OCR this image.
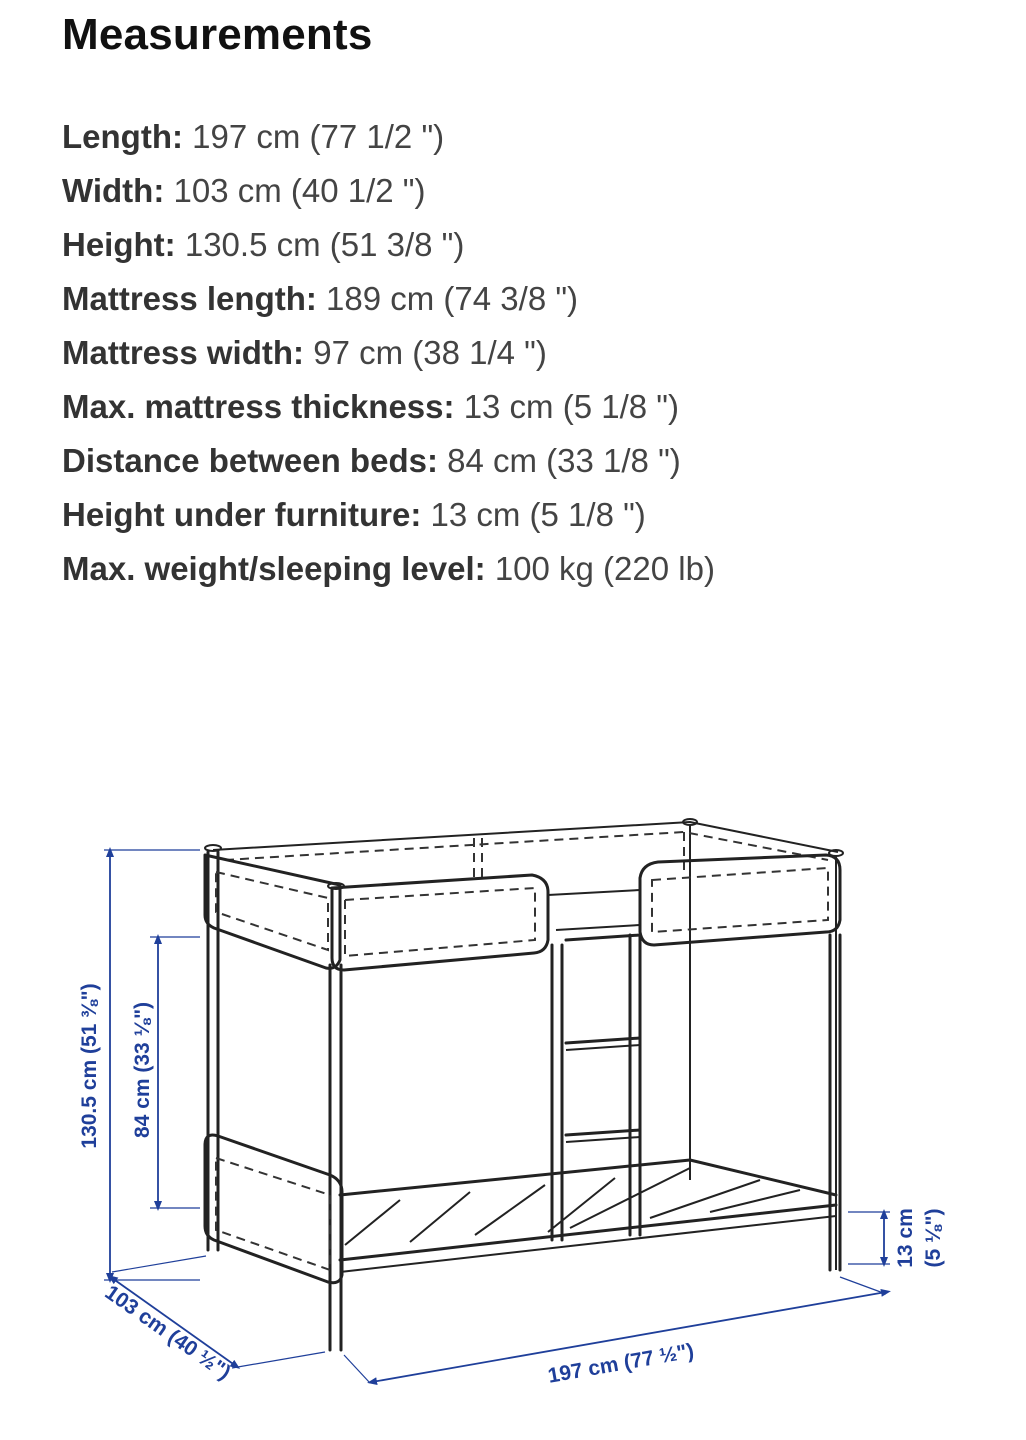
Measurements
Length: 197 cm (77 1/2 ")
Width: 103 cm (40 1/2 ")
Height: 130.5 cm (51 3/8 ")
Mattress length: 189 cm (74 3/8 ")
Mattress width: 97 cm (38 1/4 ")
Max. mattress thickness: 13 cm (5 1/8 ")
Distance between beds: 84 cm (33 1/8 ")
Height under furniture: 13 cm (5 1/8 ")
Max. weight/sleeping level: 100 kg (220 lb)
130.5 cm (51 ⅜") 84 cm (33 ⅛")
13 cm (5 ⅛")
103 cm (40 ½")	197 cm (77 ½")
